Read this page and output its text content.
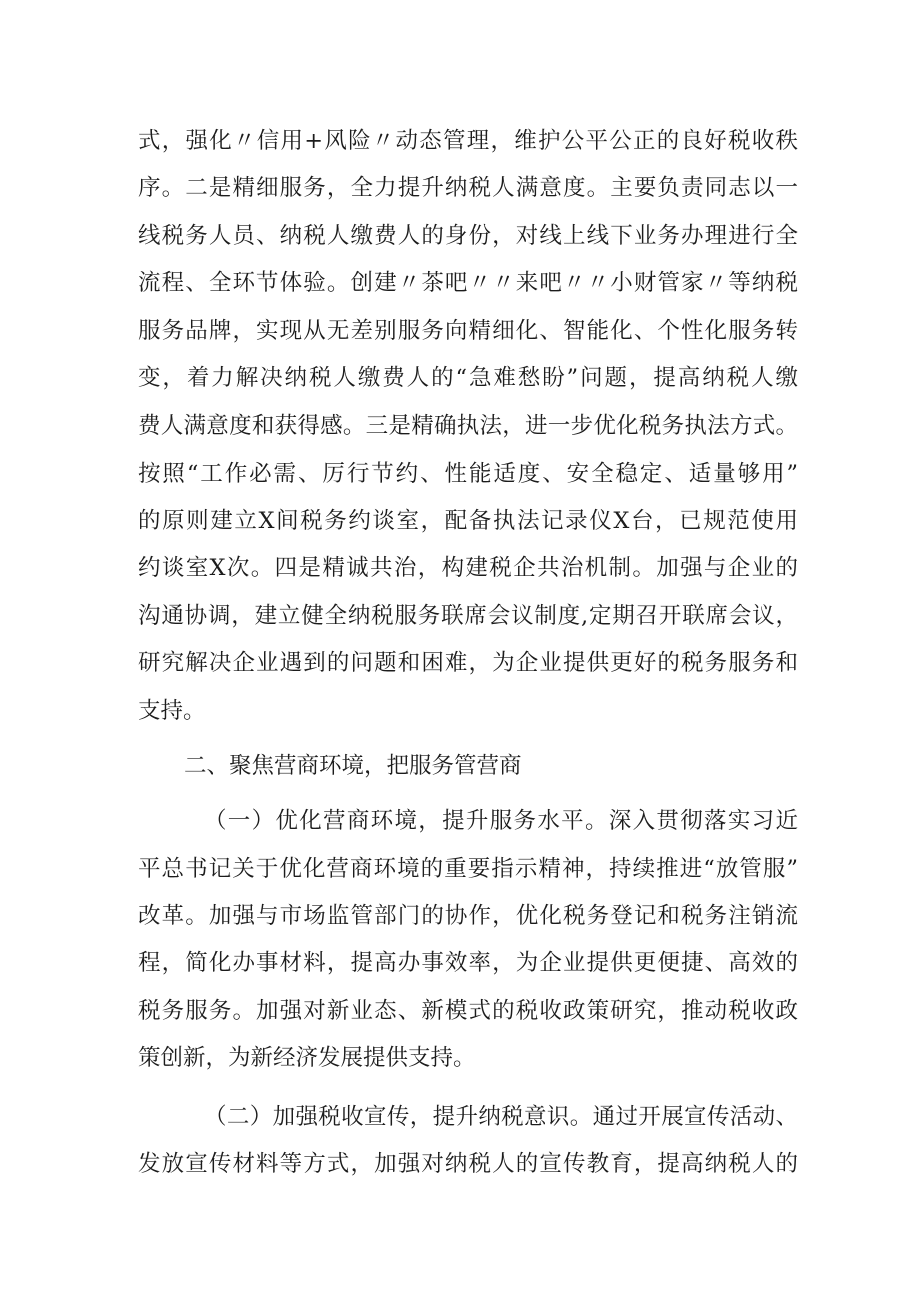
式，强化〃信用+风险〃动态管理，维护公平公正的良好税收秩
序。二是精细服务，全力提升纳税人满意度。主要负责同志以一
线税务人员、纳税人缴费人的身份，对线上线下业务办理进行全
流程、全环节体验。创建〃茶吧〃〃来吧〃〃小财管家〃等纳税
服务品牌，实现从无差别服务向精细化、智能化、个性化服务转
变，着力解决纳税人缴费人的“急难愁盼”问题，提高纳税人缴
费人满意度和获得感。三是精确执法，进一步优化税务执法方式。
按照“工作必需、厉行节约、性能适度、安全稳定、适量够用”
的原则建立X间税务约谈室，配备执法记录仪X台，已规范使用
约谈室X次。四是精诚共治，构建税企共治机制。加强与企业的
沟通协调，建立健全纳税服务联席会议制度,定期召开联席会议，
研究解决企业遇到的问题和困难，为企业提供更好的税务服务和
支持。
二、聚焦营商环境，把服务管营商
（一）优化营商环境，提升服务水平。深入贯彻落实习近
平总书记关于优化营商环境的重要指示精神，持续推进“放管服”
改革。加强与市场监管部门的协作，优化税务登记和税务注销流
程，简化办事材料，提高办事效率，为企业提供更便捷、高效的
税务服务。加强对新业态、新模式的税收政策研究，推动税收政
策创新，为新经济发展提供支持。
（二）加强税收宣传，提升纳税意识。通过开展宣传活动、
发放宣传材料等方式，加强对纳税人的宣传教育，提高纳税人的
